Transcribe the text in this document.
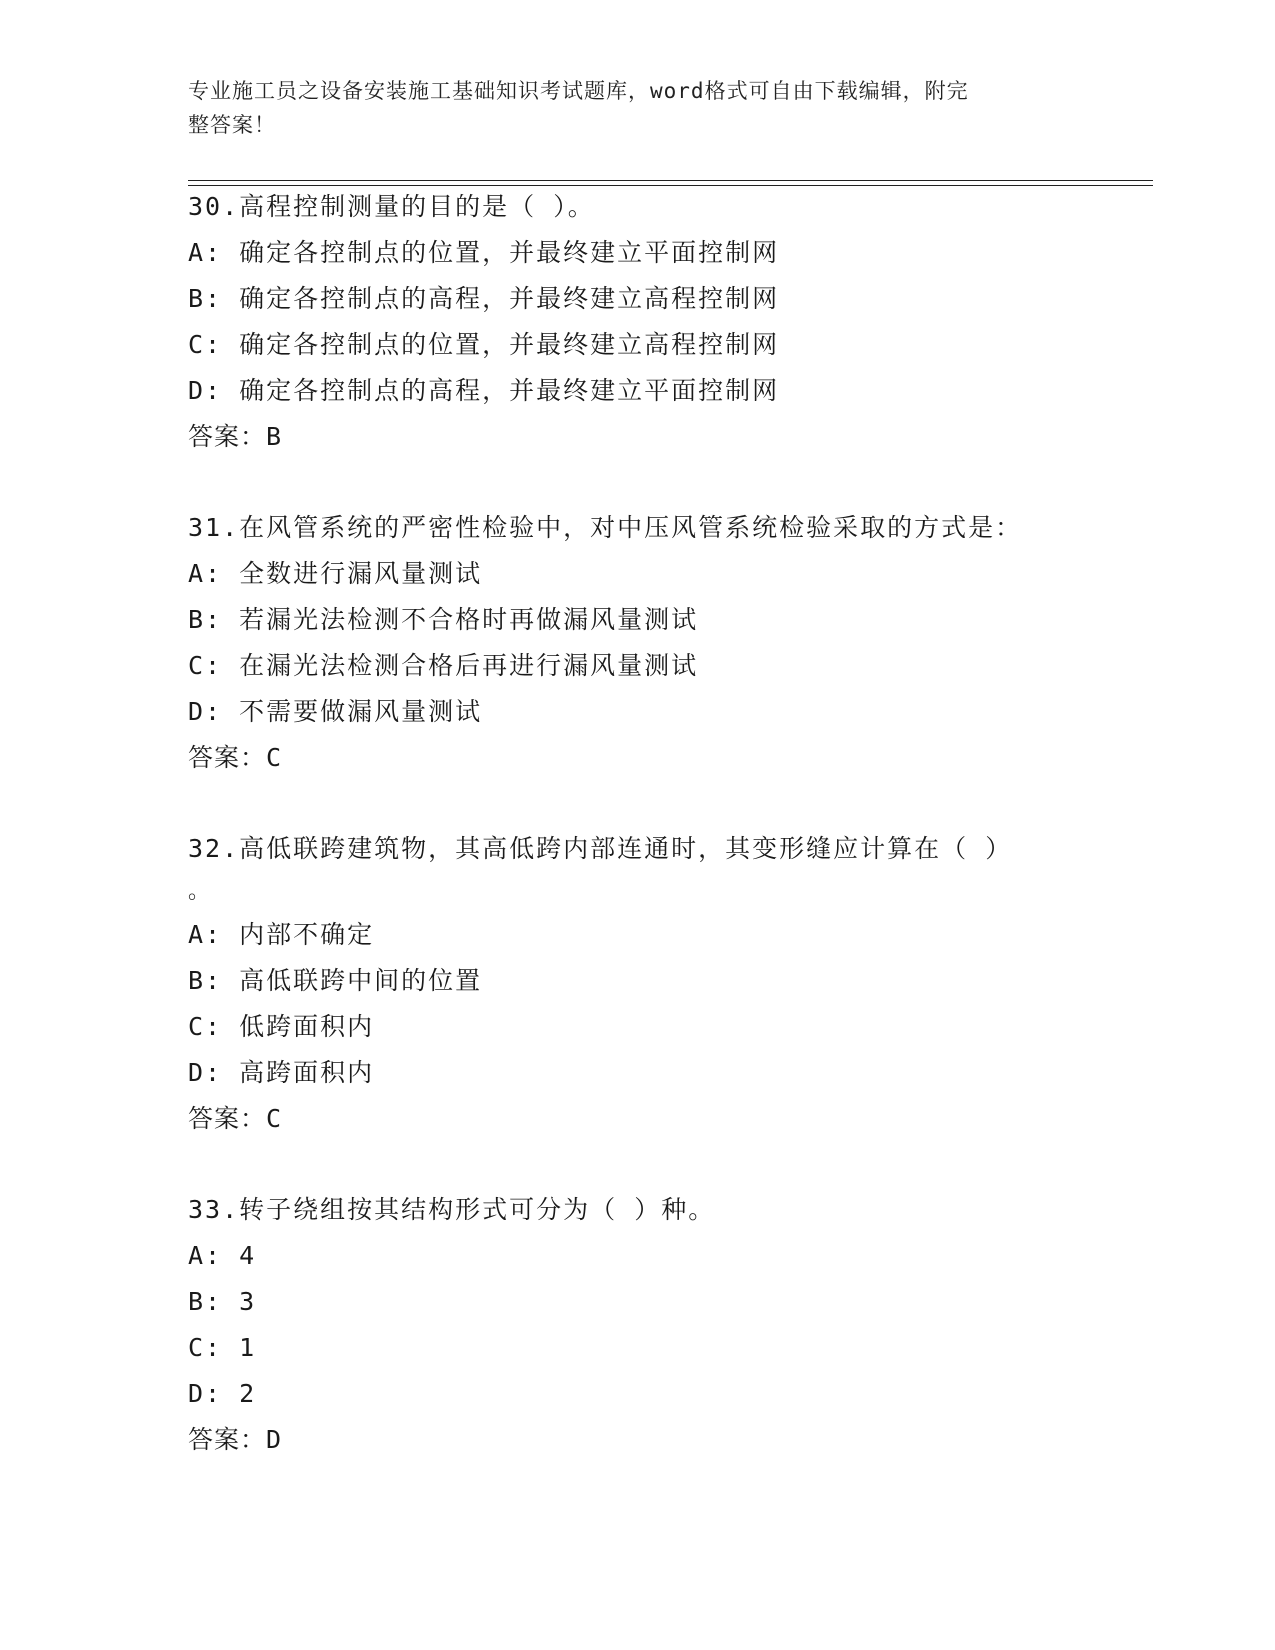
专业施工员之设备安装施工基础知识考试题库，word格式可自由下载编辑，附完
整答案！
30.高程控制测量的目的是（ ）。
A: 确定各控制点的位置，并最终建立平面控制网
B: 确定各控制点的高程，并最终建立高程控制网
C: 确定各控制点的位置，并最终建立高程控制网
D: 确定各控制点的高程，并最终建立平面控制网
答案：B
31.在风管系统的严密性检验中，对中压风管系统检验采取的方式是：
A: 全数进行漏风量测试
B: 若漏光法检测不合格时再做漏风量测试
C: 在漏光法检测合格后再进行漏风量测试
D: 不需要做漏风量测试
答案：C
32.高低联跨建筑物，其高低跨内部连通时，其变形缝应计算在（ ）
。
A: 内部不确定
B: 高低联跨中间的位置
C: 低跨面积内
D: 高跨面积内
答案：C
33.转子绕组按其结构形式可分为（ ）种。
A: 4
B: 3
C: 1
D: 2
答案：D
